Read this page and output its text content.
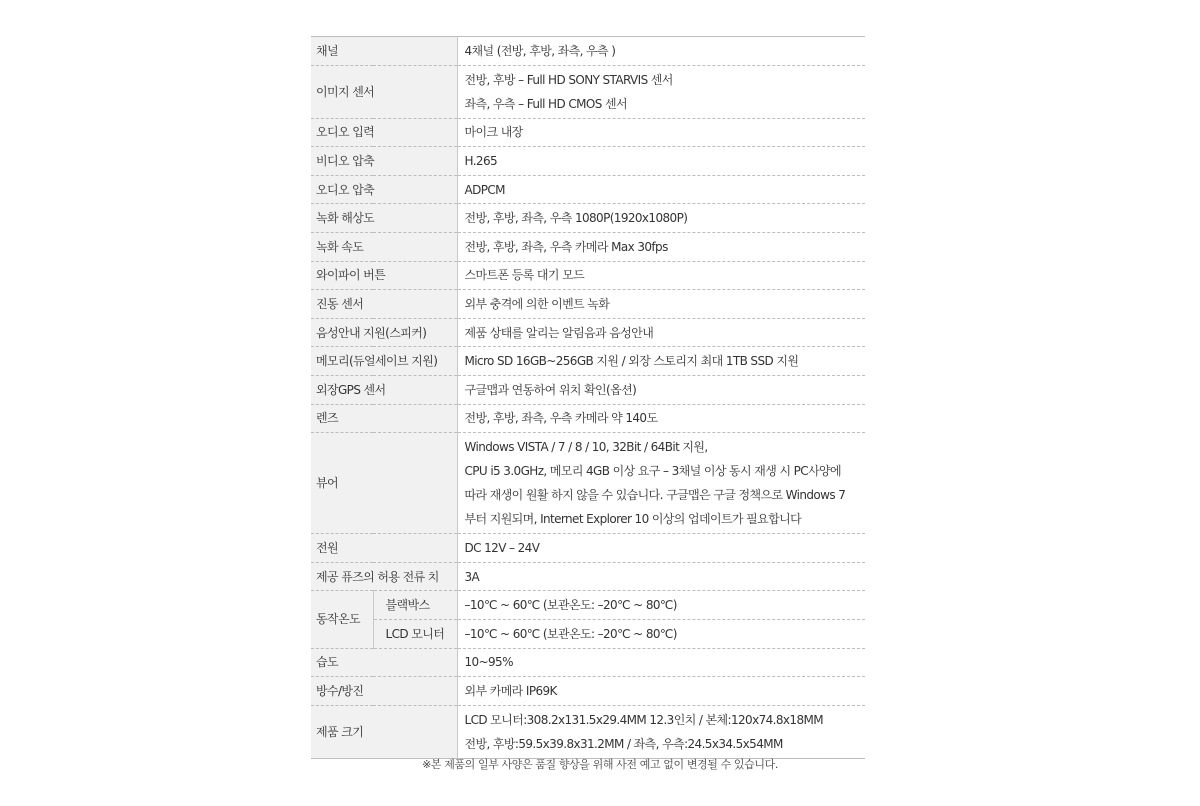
채널		4채널 (전방, 후방, 좌측, 우측 )

이미지 센서		전방, 후방 – Full HD SONY STARVIS 센서
좌측, 우측 – Full HD CMOS 센서

오디오 입력		마이크 내장

비디오 압축		H.265

오디오 압축		ADPCM

녹화 해상도		전방, 후방, 좌측, 우측 1080P(1920x1080P)

녹화 속도		전방, 후방, 좌측, 우측 카메라 Max 30fps

와이파이 버튼		스마트폰 등록 대기 모드

진동 센서		외부 충격에 의한 이벤트 녹화

음성안내 지원(스피커)		제품 상태를 알리는 알림음과 음성안내

메모리(듀얼세이브 지원)		Micro SD 16GB~256GB 지원 / 외장 스토리지 최대 1TB SSD 지원

외장GPS 센서		구글맵과 연동하여 위치 확인(옵션)

렌즈		전방, 후방, 좌측, 우측 카메라 약 140도

뷰어		Windows VISTA / 7 / 8 / 10, 32Bit / 64Bit 지원,
CPU i5 3.0GHz, 메모리 4GB 이상 요구 – 3채널 이상 동시 재생 시 PC사양에
따라 재생이 원활 하지 않을 수 있습니다. 구글맵은 구글 정책으로 Windows 7
부터 지원되며, Internet Explorer 10 이상의 업데이트가 필요합니다

전원		DC 12V – 24V

제공 퓨즈의 허용 전류 치		3A

동작온도	블랙박스	–10℃ ~ 60℃ (보관온도: –20℃ ~ 80℃)
	LCD 모니터	–10℃ ~ 60℃ (보관온도: –20℃ ~ 80℃)
습도		10~95%

방수/방진		외부 카메라 IP69K

제품 크기		LCD 모니터:308.2x131.5x29.4MM 12.3인치 / 본체:120x74.8x18MM
전방, 후방:59.5x39.8x31.2MM / 좌측, 우측:24.5x34.5x54MM
※본 제품의 일부 사양은 품질 향상을 위해 사전 예고 없이 변경될 수 있습니다.
